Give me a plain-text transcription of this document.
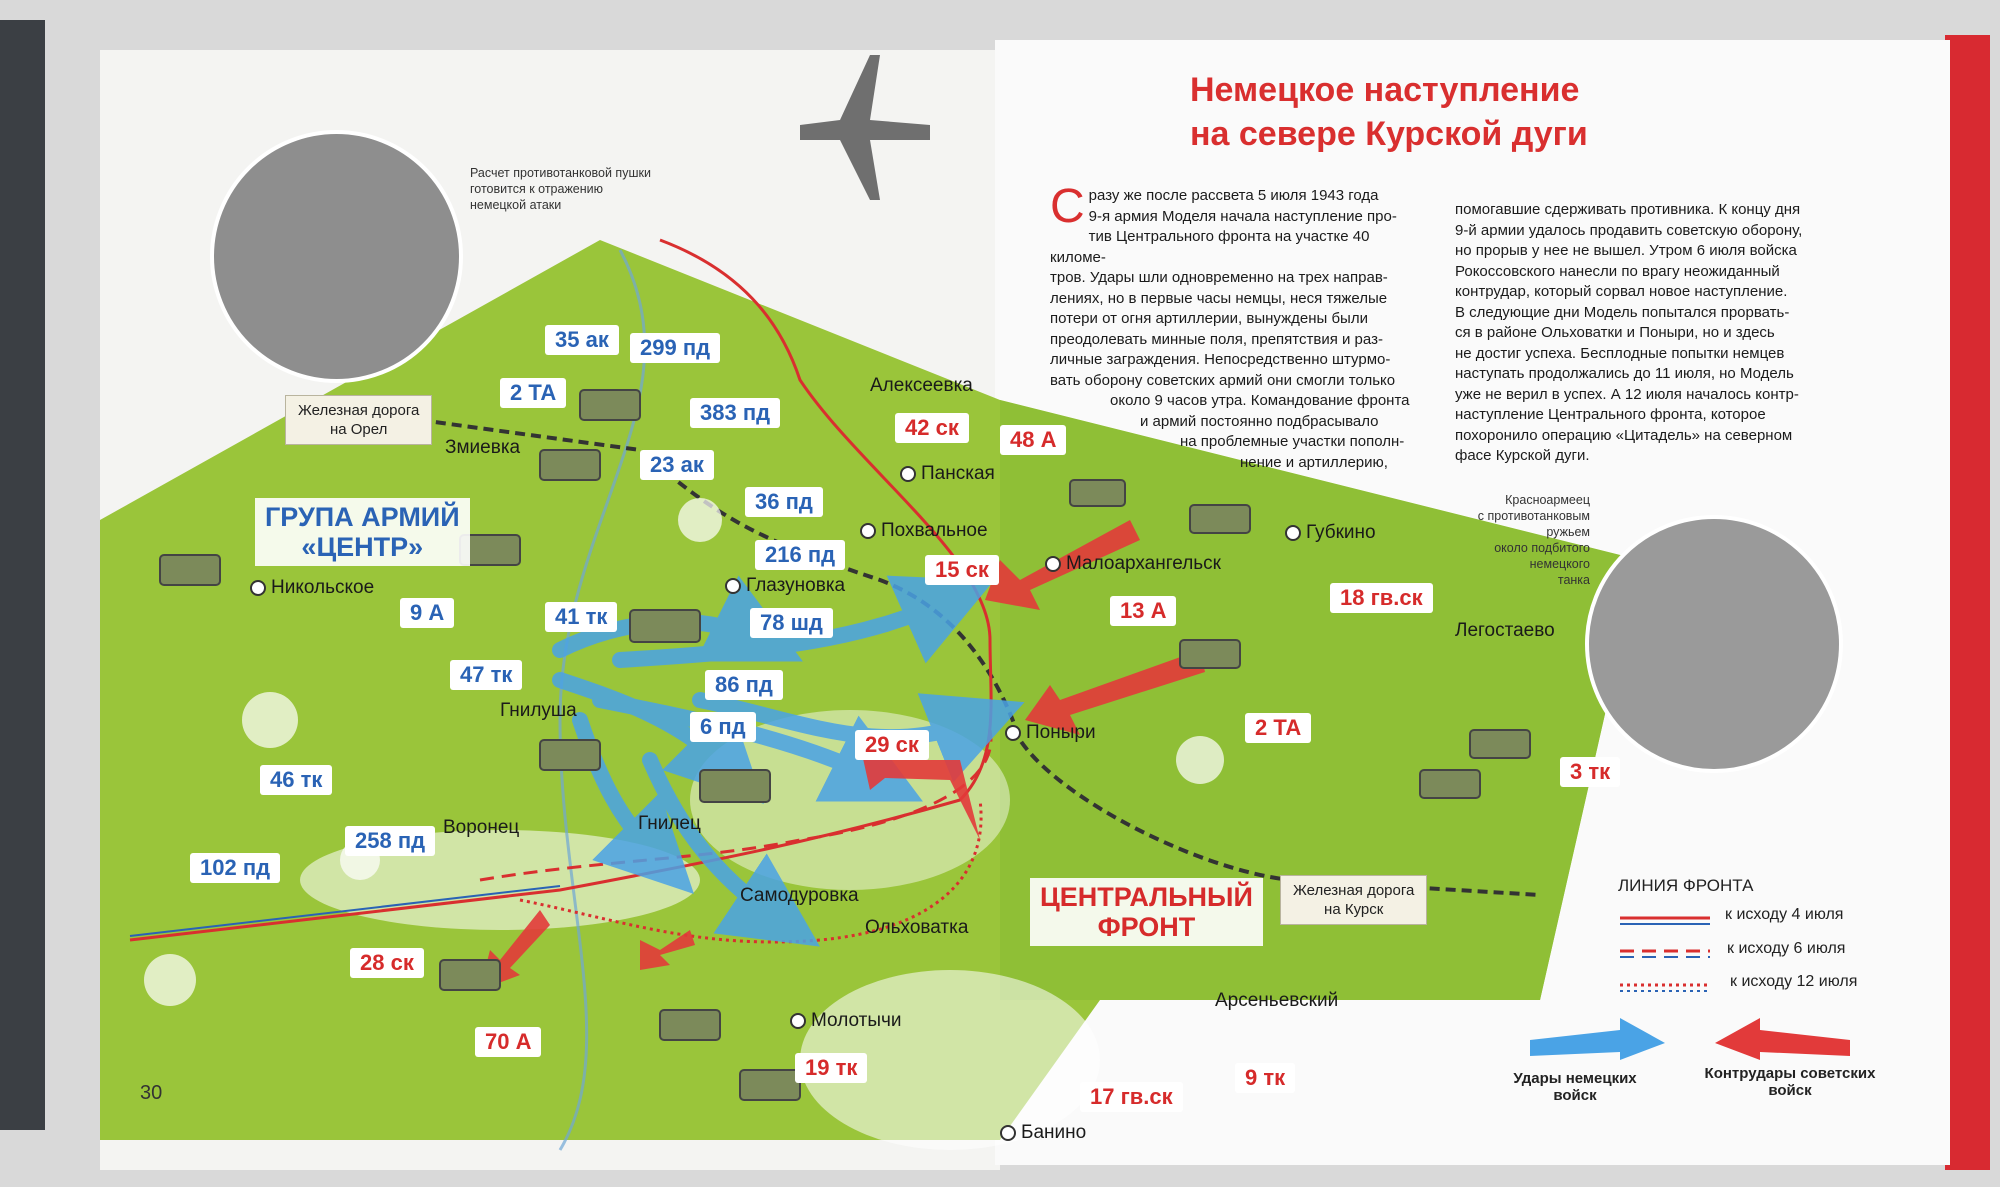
Расчет противотанковой пушки
готовится к отражению
немецкой атаки
Красноармеец
с противотанковым ружьем
около подбитого
немецкого
танка
Немецкое наступление
на севере Курской дуги
С разу же после рассвета 5 июля 1943 года
9-я армия Моделя начала наступление про-
тив Центрального фронта на участке 40 киломе-
тров. Удары шли одновременно на трех направ-
лениях, но в первые часы немцы, неся тяжелые
потери от огня артиллерии, вынуждены были
преодолевать минные поля, препятствия и раз-
личные заграждения. Непосредственно штурмо-
вать оборону советских армий они смогли только
около 9 часов утра. Командование фронта
и армий постоянно подбрасывало
на проблемные участки пополн-
нение и артиллерию,
помогавшие сдерживать противника. К концу дня
9-й армии удалось продавить советскую оборону,
но прорыв у нее не вышел. Утром 6 июля войска
Рокоссовского нанесли по врагу неожиданный
контрудар, который сорвал новое наступление.
В следующие дни Модель попытался прорвать-
ся в районе Ольховатки и Поныри, но и здесь
не достиг успеха. Бесплодные попытки немцев
наступать продолжались до 11 июля, но Модель
уже не верил в успех. А 12 июля началось контр-
наступление Центрального фронта, которое
похоронило операцию «Цитадель» на северном
фасе Курской дуги.
ГРУПА АРМИЙ
«ЦЕНТР»
ЦЕНТРАЛЬНЫЙ
ФРОНТ
Железная дорога
на Орел
Железная дорога
на Курск
35 ак	299 пд
2 ТА
383 пд
23 ак
36 пд
216 пд
9 А	41 тк	78 шд
47 тк	86 пд
6 пд
46 тк
258 пд
102 пд
42 ск	48 А
15 ск
13 А
18 гв.ск
2 ТА
29 ск
3 тк
28 ск
70 А
19 тк
17 гв.ск
9 тк
Алексеевка
Змиевка
Панская
Похвальное
Глазуновка
Никольское
Гнилуша
Воронец	Гнилец
Самодуровка
Ольховатка
Молотычи
Банино
Поныри
Малоархангельск
Губкино
Легостаево
Арсеньевский
ЛИНИЯ ФРОНТА
к исходу 4 июля
к исходу 6 июля
к исходу 12 июля
Удары немецких
войск
Контрудары советских
войск
30
